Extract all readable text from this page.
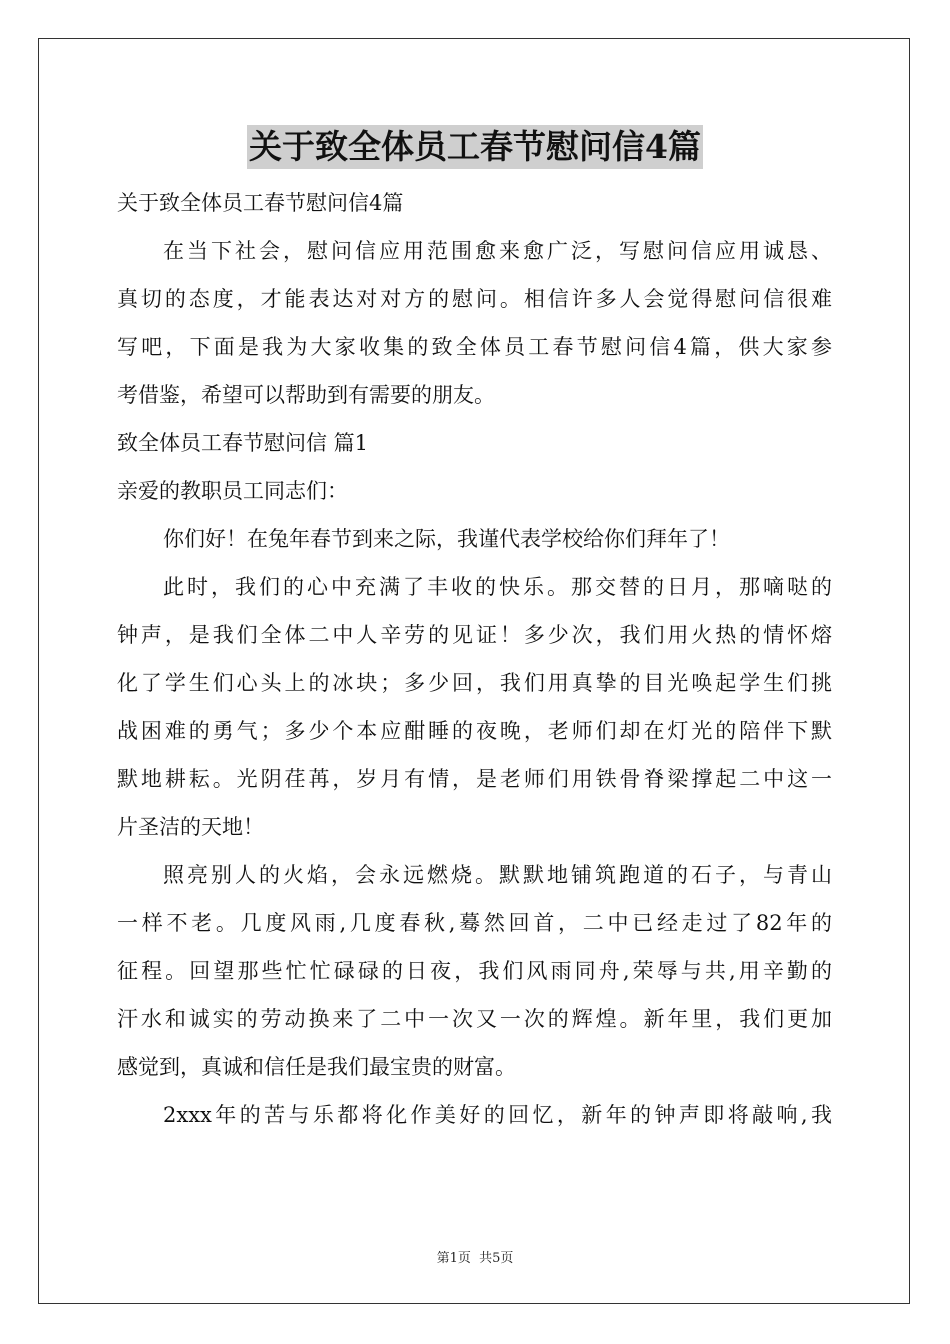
关于致全体员工春节慰问信4篇
关于致全体员工春节慰问信4篇
在当下社会，慰问信应用范围愈来愈广泛，写慰问信应用诚恳、
真切的态度，才能表达对对方的慰问。相信许多人会觉得慰问信很难
写吧，下面是我为大家收集的致全体员工春节慰问信4篇，供大家参
考借鉴，希望可以帮助到有需要的朋友。
致全体员工春节慰问信 篇1
亲爱的教职员工同志们：
你们好！在兔年春节到来之际，我谨代表学校给你们拜年了！
此时，我们的心中充满了丰收的快乐。那交替的日月，那嘀哒的
钟声，是我们全体二中人辛劳的见证！多少次，我们用火热的情怀熔
化了学生们心头上的冰块；多少回，我们用真挚的目光唤起学生们挑
战困难的勇气；多少个本应酣睡的夜晚，老师们却在灯光的陪伴下默
默地耕耘。光阴荏苒，岁月有情，是老师们用铁骨脊梁撑起二中这一
片圣洁的天地！
照亮别人的火焰，会永远燃烧。默默地铺筑跑道的石子，与青山
一样不老。几度风雨,几度春秋,蓦然回首，二中已经走过了82年的
征程。回望那些忙忙碌碌的日夜，我们风雨同舟,荣辱与共,用辛勤的
汗水和诚实的劳动换来了二中一次又一次的辉煌。新年里，我们更加
感觉到，真诚和信任是我们最宝贵的财富。
2xxx年的苦与乐都将化作美好的回忆，新年的钟声即将敲响,我
第1页 共5页
